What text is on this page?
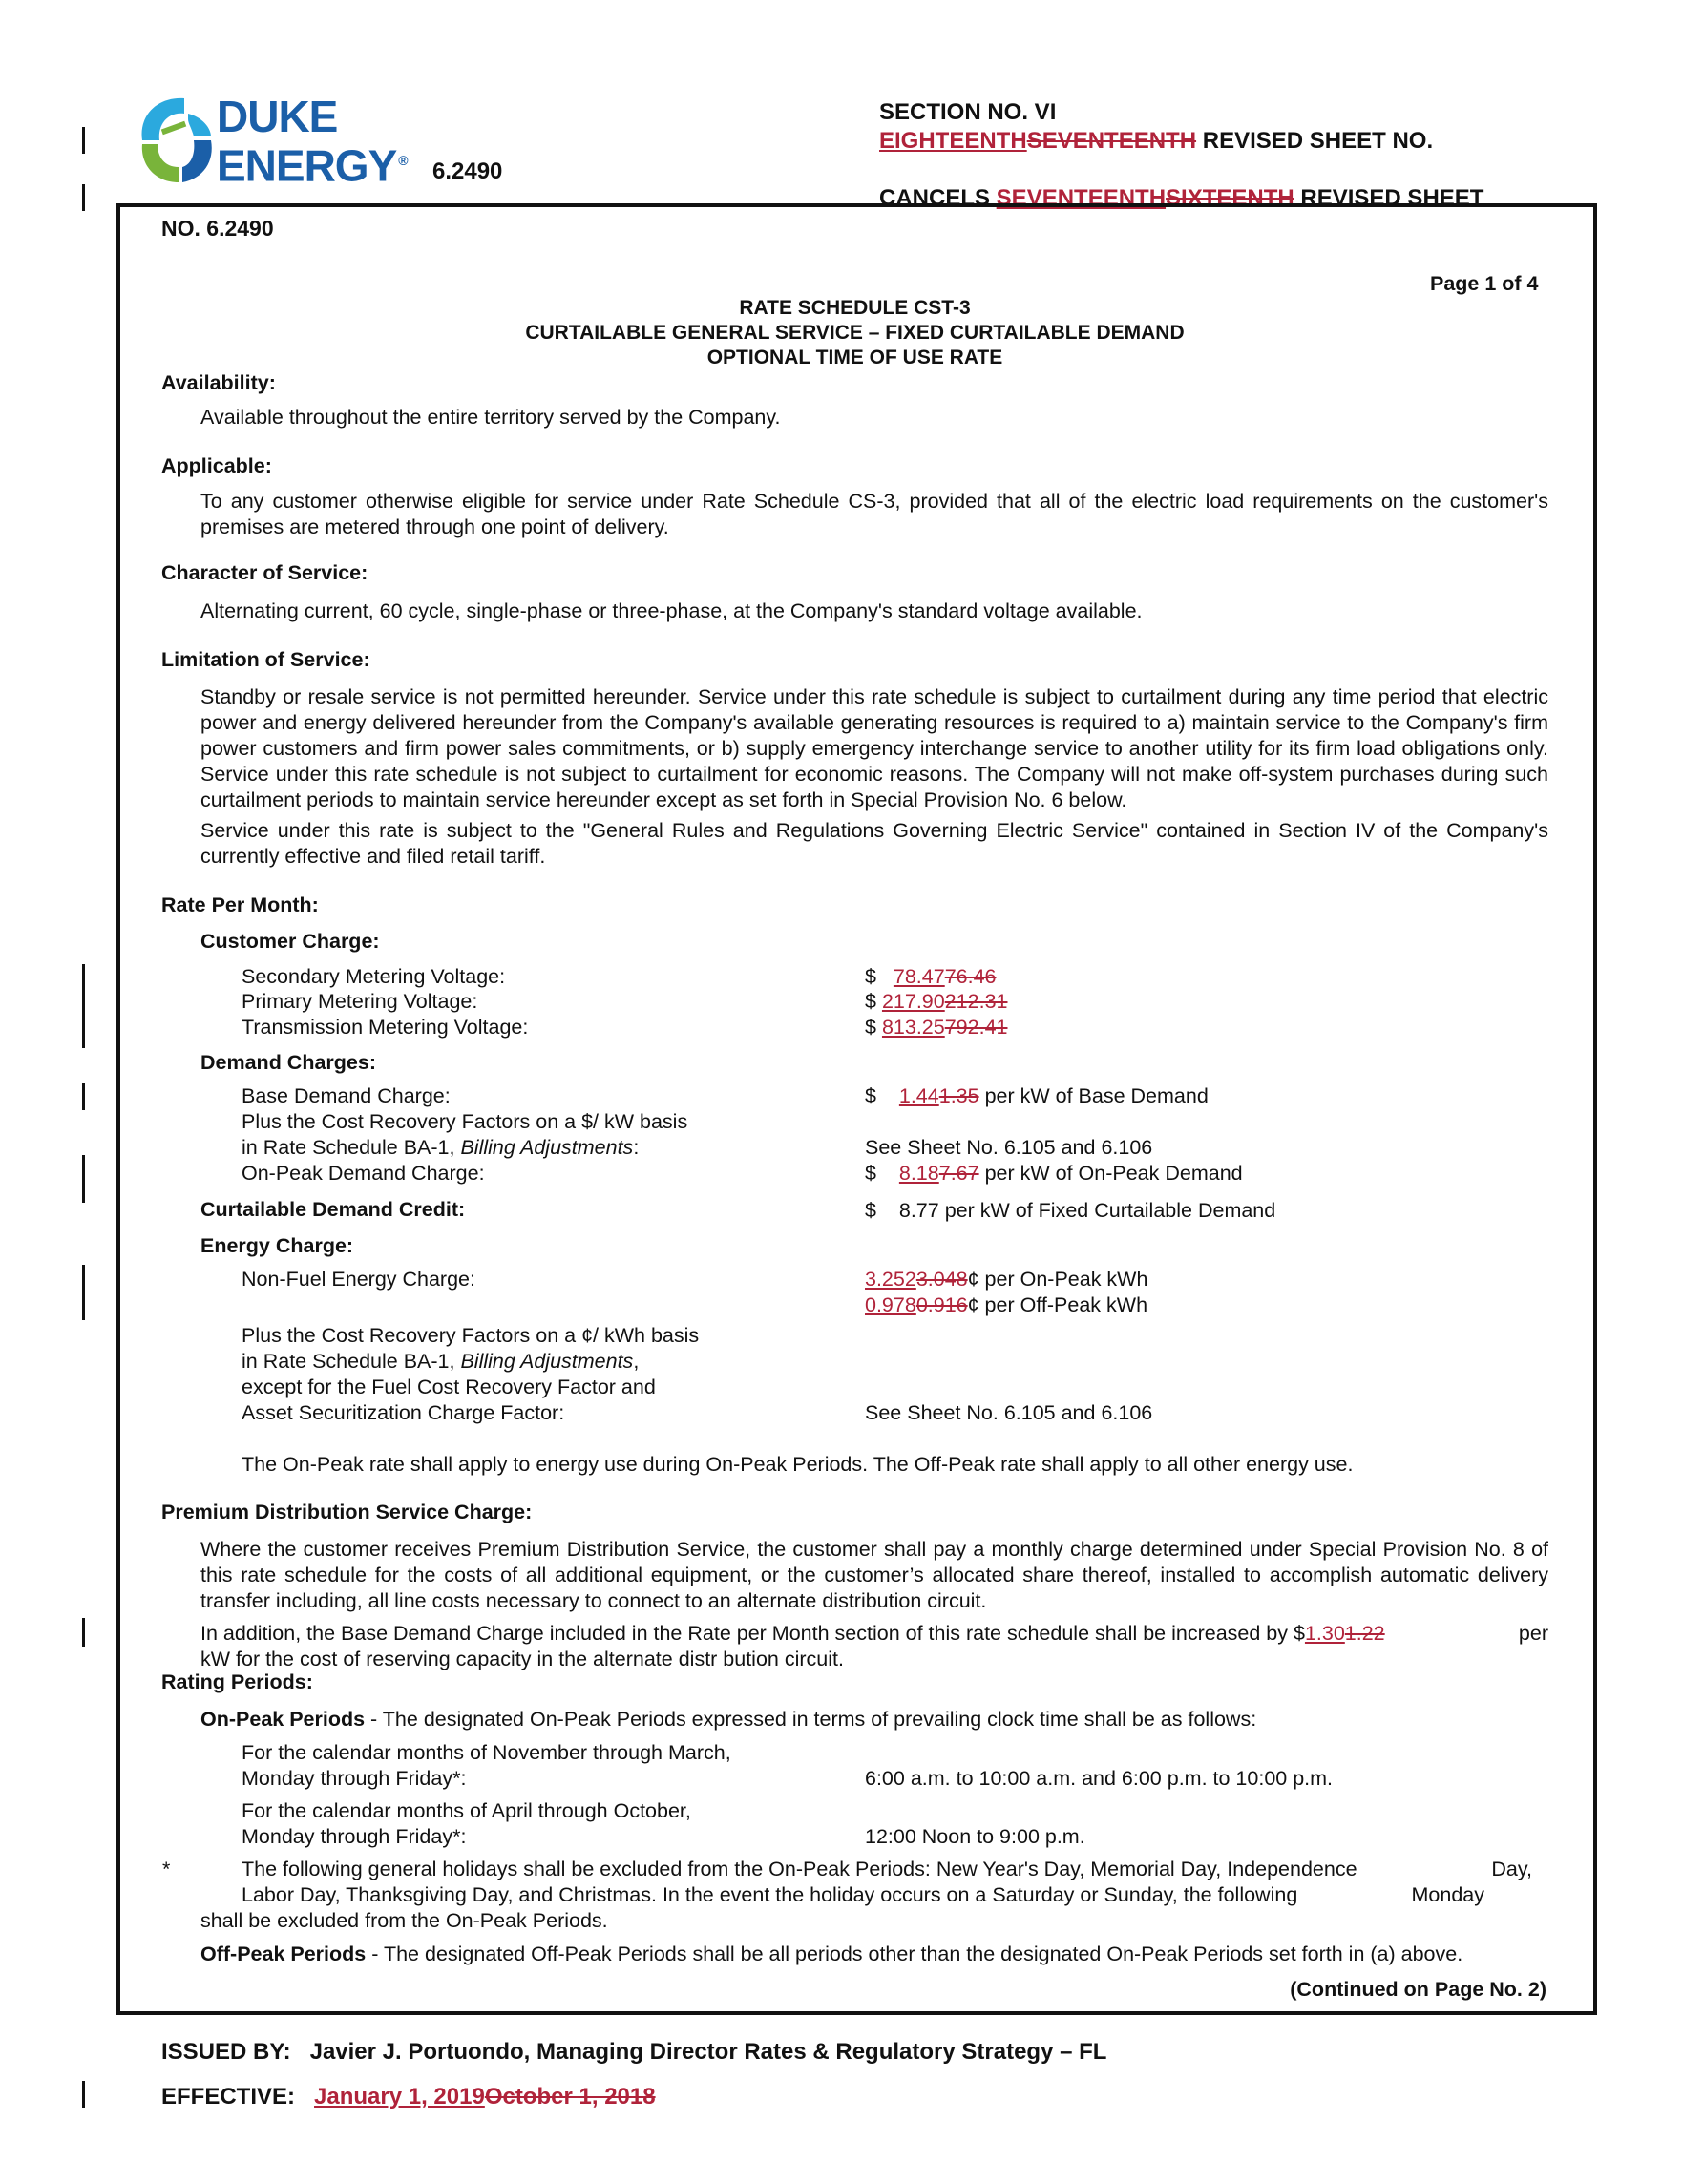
DUKE
ENERGY ® 6.2490
SECTION NO. VI
EIGHTEENTHSEVENTEENTH REVISED SHEET NO.
CANCELS SEVENTEENTHSIXTEENTH REVISED SHEET
NO. 6.2490
Page 1 of 4
RATE SCHEDULE CST-3
CURTAILABLE GENERAL SERVICE – FIXED CURTAILABLE DEMAND
OPTIONAL TIME OF USE RATE
Availability:
Available throughout the entire territory served by the Company.
Applicable:
To any customer otherwise eligible for service under Rate Schedule CS-3, provided that all of the electric load requirements on the customer's premises are metered through one point of delivery.
Character of Service:
Alternating current, 60 cycle, single-phase or three-phase, at the Company's standard voltage available.
Limitation of Service:
Standby or resale service is not permitted hereunder. Service under this rate schedule is subject to curtailment during any time period that electric power and energy delivered hereunder from the Company's available generating resources is required to a) maintain service to the Company's firm power customers and firm power sales commitments, or b) supply emergency interchange service to another utility for its firm load obligations only. Service under this rate schedule is not subject to curtailment for economic reasons. The Company will not make off-system purchases during such curtailment periods to maintain service hereunder except as set forth in Special Provision No. 6 below.
Service under this rate is subject to the "General Rules and Regulations Governing Electric Service" contained in Section IV of the Company's currently effective and filed retail tariff.
Rate Per Month:
Customer Charge:
Secondary Metering Voltage:	$ 78.4776.46
Primary Metering Voltage:	$ 217.90212.31
Transmission Metering Voltage:	$ 813.25792.41
Demand Charges:
Base Demand Charge:	$ 1.441.35 per kW of Base Demand
Plus the Cost Recovery Factors on a $/ kW basis
in Rate Schedule BA-1, Billing Adjustments:	See Sheet No. 6.105 and 6.106
On-Peak Demand Charge:	$ 8.187.67 per kW of On-Peak Demand
Curtailable Demand Credit:	$ 8.77 per kW of Fixed Curtailable Demand
Energy Charge:
Non-Fuel Energy Charge:	3.2523.048¢ per On-Peak kWh
0.9780.916¢ per Off-Peak kWh
Plus the Cost Recovery Factors on a ¢/ kWh basis
in Rate Schedule BA-1, Billing Adjustments,
except for the Fuel Cost Recovery Factor and
Asset Securitization Charge Factor:	See Sheet No. 6.105 and 6.106
The On-Peak rate shall apply to energy use during On-Peak Periods. The Off-Peak rate shall apply to all other energy use.
Premium Distribution Service Charge:
Where the customer receives Premium Distribution Service, the customer shall pay a monthly charge determined under Special Provision No. 8 of this rate schedule for the costs of all additional equipment, or the customer’s allocated share thereof, installed to accomplish automatic delivery transfer including, all line costs necessary to connect to an alternate distribution circuit.
In addition, the Base Demand Charge included in the Rate per Month section of this rate schedule shall be increased by $1.301.22	per
kW for the cost of reserving capacity in the alternate distr bution circuit.
Rating Periods:
On-Peak Periods - The designated On-Peak Periods expressed in terms of prevailing clock time shall be as follows:
For the calendar months of November through March,
Monday through Friday*:	6:00 a.m. to 10:00 a.m. and 6:00 p.m. to 10:00 p.m.
For the calendar months of April through October,
Monday through Friday*:	12:00 Noon to 9:00 p.m.
*	The following general holidays shall be excluded from the On-Peak Periods: New Year's Day, Memorial Day, Independence	Day,
Labor Day, Thanksgiving Day, and Christmas. In the event the holiday occurs on a Saturday or Sunday, the following	Monday
shall be excluded from the On-Peak Periods.
Off-Peak Periods - The designated Off-Peak Periods shall be all periods other than the designated On-Peak Periods set forth in (a) above.
(Continued on Page No. 2)
ISSUED BY: Javier J. Portuondo, Managing Director Rates & Regulatory Strategy – FL
EFFECTIVE: January 1, 2019October 1, 2018
